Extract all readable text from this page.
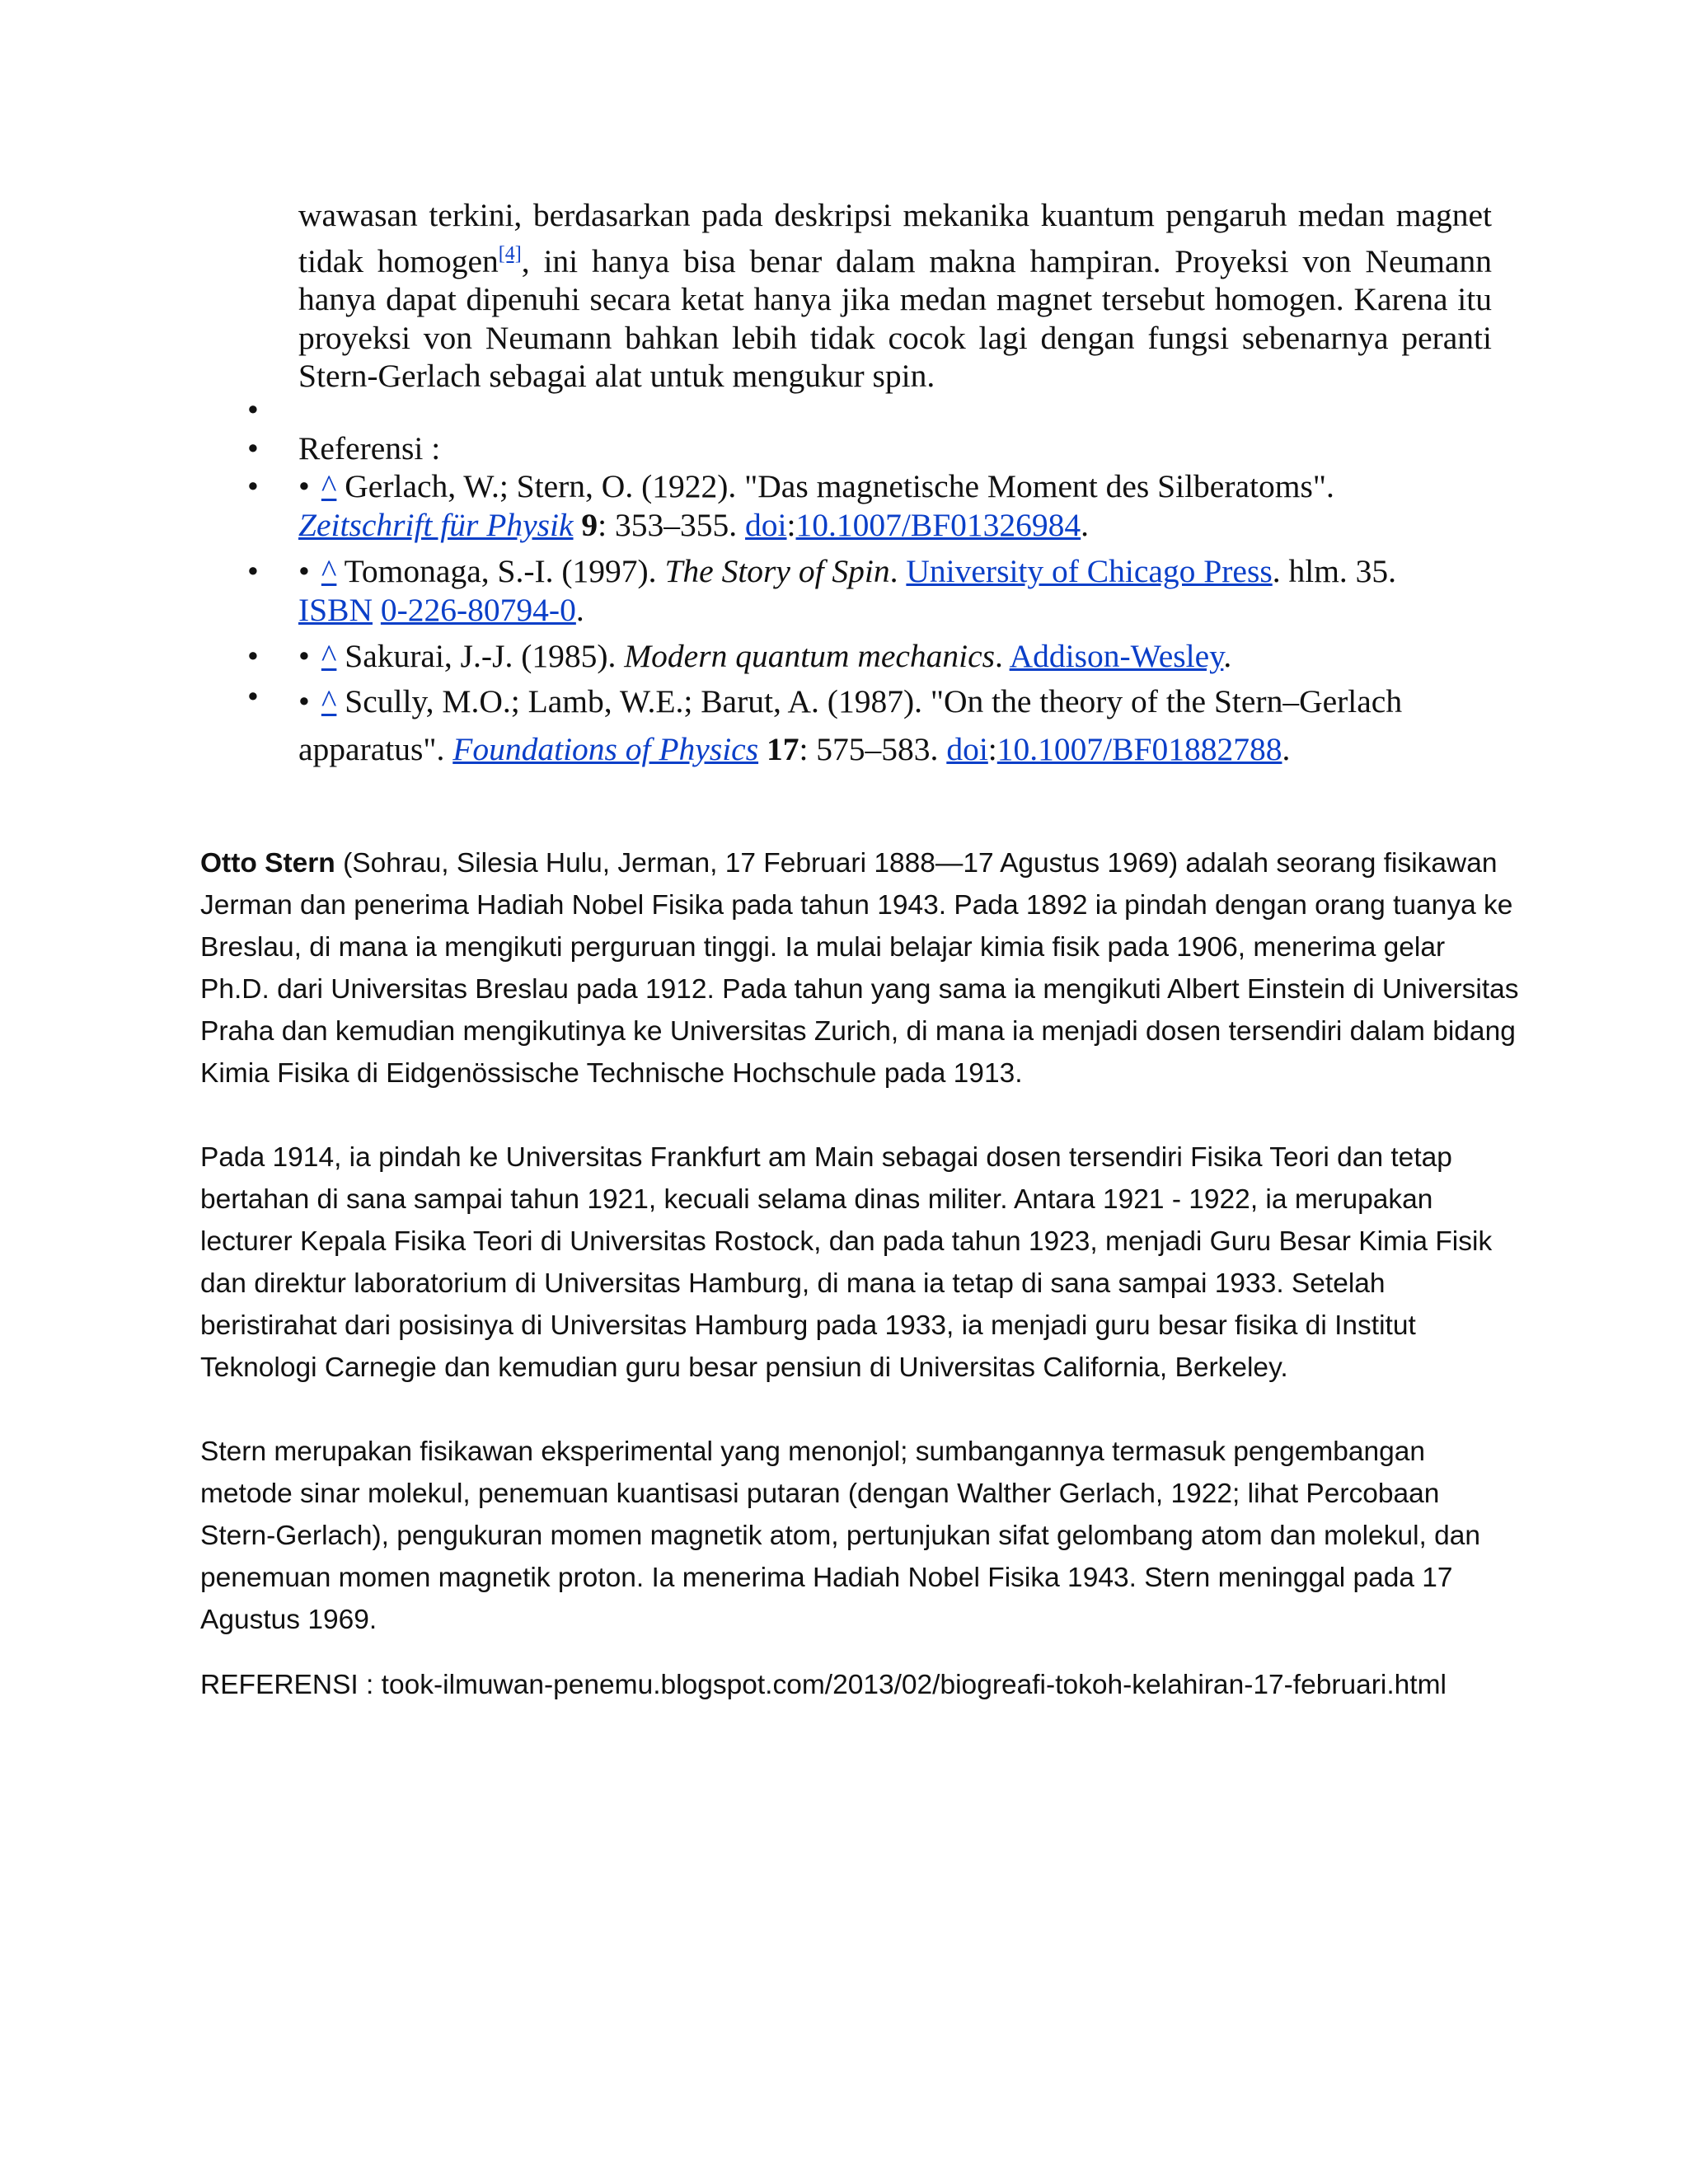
wawasan terkini, berdasarkan pada deskripsi mekanika kuantum pengaruh medan magnet tidak homogen[4], ini hanya bisa benar dalam makna hampiran. Proyeksi von Neumann hanya dapat dipenuhi secara ketat hanya jika medan magnet tersebut homogen. Karena itu proyeksi von Neumann bahkan lebih tidak cocok lagi dengan fungsi sebenarnya peranti Stern-Gerlach sebagai alat untuk mengukur spin.
•
• Referensi :
• • ^ Gerlach, W.; Stern, O. (1922). "Das magnetische Moment des Silberatoms".
Zeitschrift für Physik 9: 353–355. doi:10.1007/BF01326984.
• • ^ Tomonaga, S.-I. (1997). The Story of Spin. University of Chicago Press. hlm. 35.
ISBN 0-226-80794-0.
• • ^ Sakurai, J.-J. (1985). Modern quantum mechanics. Addison-Wesley.
• • ^ Scully, M.O.; Lamb, W.E.; Barut, A. (1987). "On the theory of the Stern–Gerlach apparatus". Foundations of Physics 17: 575–583. doi:10.1007/BF01882788.

Otto Stern (Sohrau, Silesia Hulu, Jerman, 17 Februari 1888—17 Agustus 1969) adalah seorang fisikawan Jerman dan penerima Hadiah Nobel Fisika pada tahun 1943. Pada 1892 ia pindah dengan orang tuanya ke Breslau, di mana ia mengikuti perguruan tinggi. Ia mulai belajar kimia fisik pada 1906, menerima gelar Ph.D. dari Universitas Breslau pada 1912. Pada tahun yang sama ia mengikuti Albert Einstein di Universitas Praha dan kemudian mengikutinya ke Universitas Zurich, di mana ia menjadi dosen tersendiri dalam bidang Kimia Fisika di Eidgenössische Technische Hochschule pada 1913.

Pada 1914, ia pindah ke Universitas Frankfurt am Main sebagai dosen tersendiri Fisika Teori dan tetap bertahan di sana sampai tahun 1921, kecuali selama dinas militer. Antara 1921 - 1922, ia merupakan lecturer Kepala Fisika Teori di Universitas Rostock, dan pada tahun 1923, menjadi Guru Besar Kimia Fisik dan direktur laboratorium di Universitas Hamburg, di mana ia tetap di sana sampai 1933. Setelah beristirahat dari posisinya di Universitas Hamburg pada 1933, ia menjadi guru besar fisika di Institut Teknologi Carnegie dan kemudian guru besar pensiun di Universitas California, Berkeley.

Stern merupakan fisikawan eksperimental yang menonjol; sumbangannya termasuk pengembangan metode sinar molekul, penemuan kuantisasi putaran (dengan Walther Gerlach, 1922; lihat Percobaan Stern-Gerlach), pengukuran momen magnetik atom, pertunjukan sifat gelombang atom dan molekul, dan penemuan momen magnetik proton. Ia menerima Hadiah Nobel Fisika 1943. Stern meninggal pada 17 Agustus 1969.

REFERENSI : took-ilmuwan-penemu.blogspot.com/2013/02/biogreafi-tokoh-kelahiran-17-februari.html
